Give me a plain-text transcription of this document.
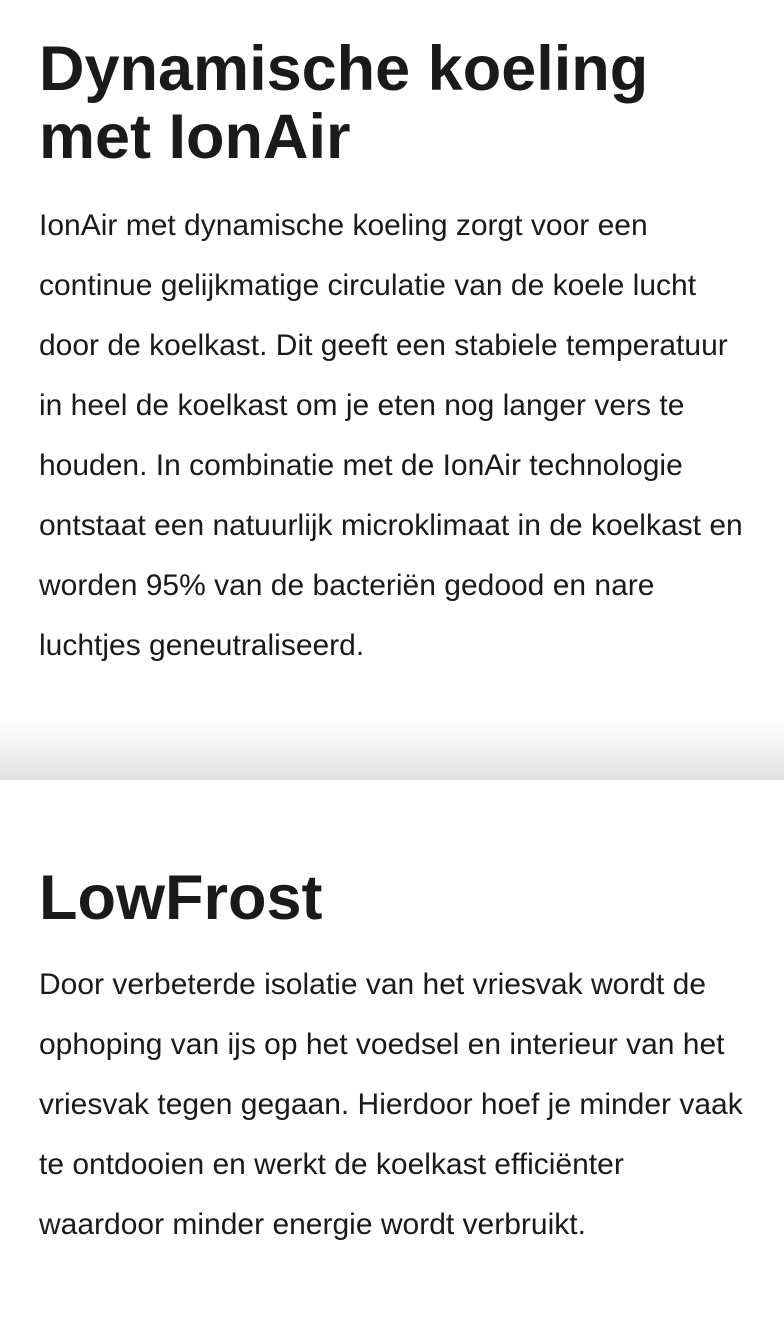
Dynamische koeling met IonAir

IonAir met dynamische koeling zorgt voor een continue gelijkmatige circulatie van de koele lucht door de koelkast. Dit geeft een stabiele temperatuur in heel de koelkast om je eten nog langer vers te houden. In combinatie met de IonAir technologie ontstaat een natuurlijk microklimaat in de koelkast en worden 95% van de bacteriën gedood en nare luchtjes geneutraliseerd.

LowFrost

Door verbeterde isolatie van het vriesvak wordt de ophoping van ijs op het voedsel en interieur van het vriesvak tegen gegaan. Hierdoor hoef je minder vaak te ontdooien en werkt de koelkast efficiënter waardoor minder energie wordt verbruikt.
